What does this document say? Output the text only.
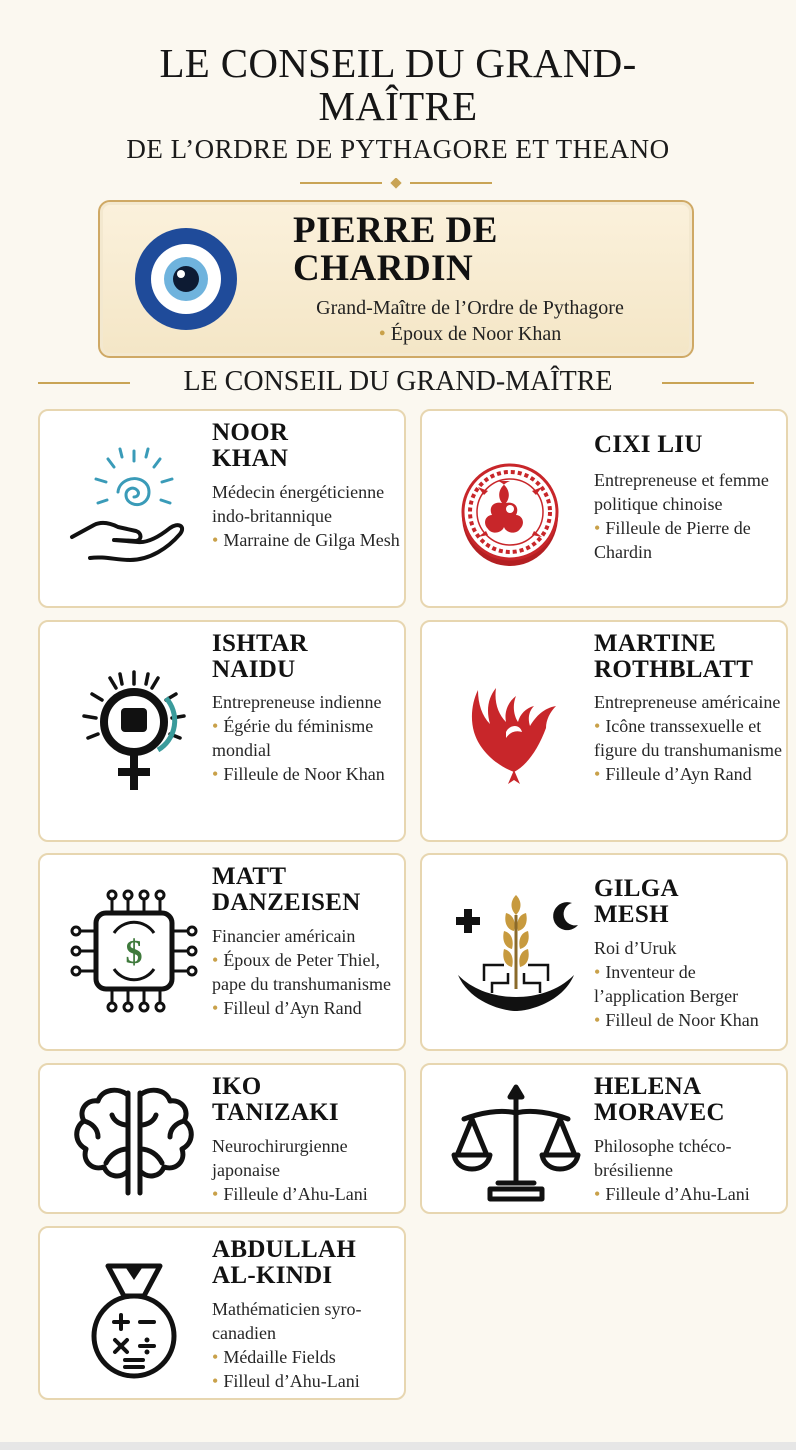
LE CONSEIL DU GRAND-
MAÎTRE
DE L’ORDRE DE PYTHAGORE ET THEANO
PIERRE DE
CHARDIN
Grand-Maître de l’Ordre de Pythagore
• Époux de Noor Khan
LE CONSEIL DU GRAND-MAÎTRE
NOOR
KHAN
Médecin énergéticienne indo-britannique
• Marraine de Gilga Mesh
CIXI LIU
Entrepreneuse et femme politique chinoise
• Filleule de Pierre de Chardin
ISHTAR
NAIDU
Entrepreneuse indienne
• Égérie du féminisme mondial
• Filleule de Noor Khan
MARTINE
ROTHBLATT
Entrepreneuse américaine
• Icône transsexuelle et figure du transhumanisme
• Filleule d’Ayn Rand
$
MATT
DANZEISEN
Financier américain
• Époux de Peter Thiel, pape du transhumanisme
• Filleul d’Ayn Rand
GILGA
MESH
Roi d’Uruk
• Inventeur de l’application Berger
• Filleul de Noor Khan
IKO
TANIZAKI
Neurochirurgienne japonaise
• Filleule d’Ahu-Lani
HELENA
MORAVEC
Philosophe tchéco-brésilienne
• Filleule d’Ahu-Lani
ABDULLAH
AL-KINDI
Mathématicien syro-canadien
• Médaille Fields
• Filleul d’Ahu-Lani
